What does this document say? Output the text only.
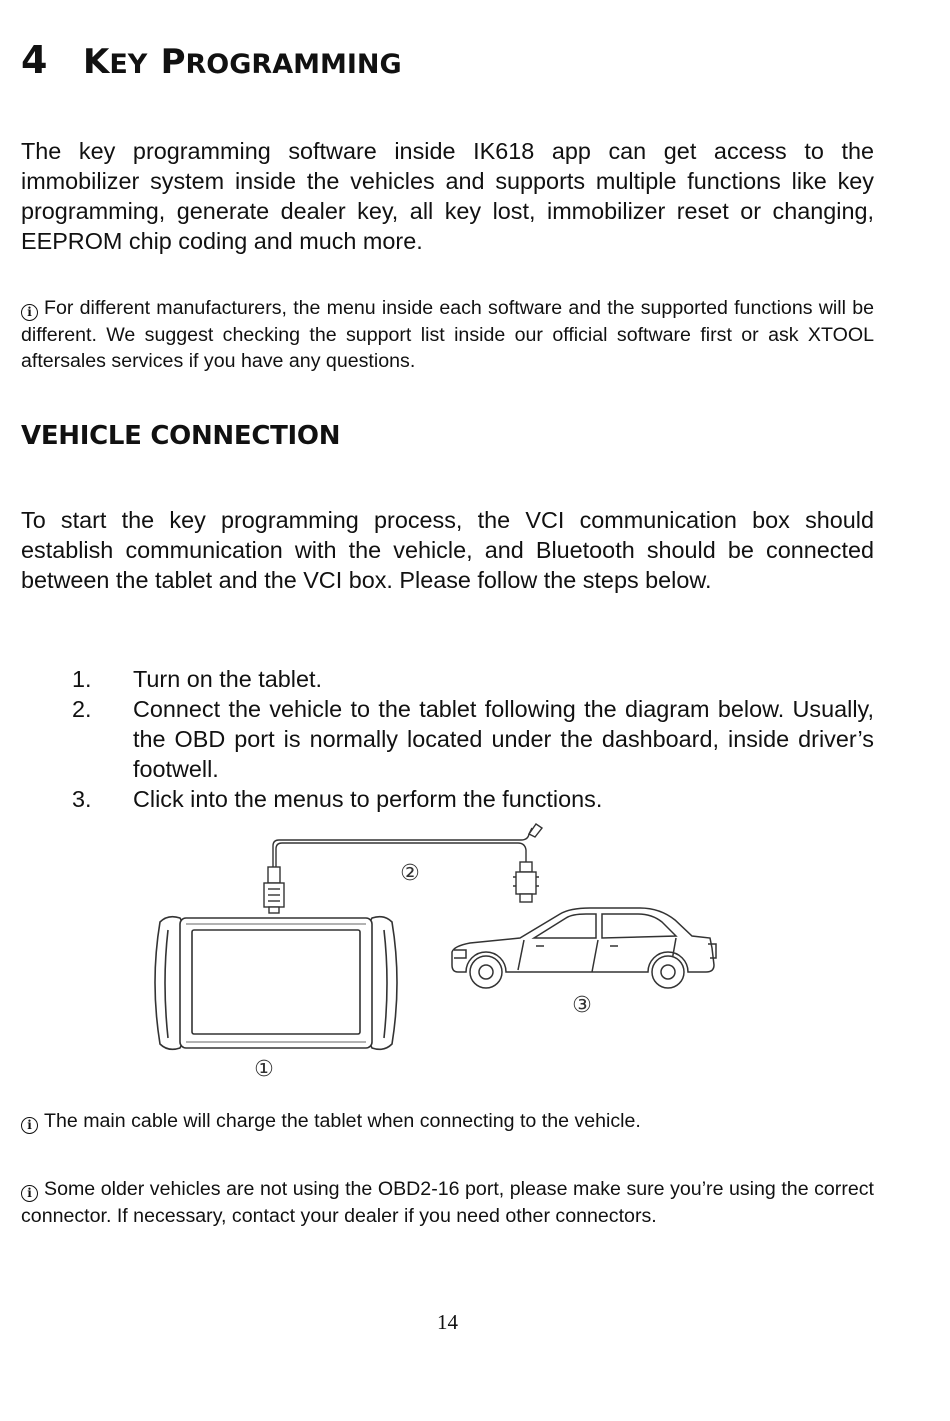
4 KEY PROGRAMMING

The key programming software inside IK618 app can get access to the immobilizer system inside the vehicles and supports multiple functions like key programming, generate dealer key, all key lost, immobilizer reset or changing, EEPROM chip coding and much more.

i For different manufacturers, the menu inside each software and the supported functions will be different. We suggest checking the support list inside our official software first or ask XTOOL aftersales services if you have any questions.

VEHICLE CONNECTION

To start the key programming process, the VCI communication box should establish communication with the vehicle, and Bluetooth should be connected between the tablet and the VCI box. Please follow the steps below.

1. Turn on the tablet.
2. Connect the vehicle to the tablet following the diagram below. Usually, the OBD port is normally located under the dashboard, inside driver’s footwell.
3. Click into the menus to perform the functions.
②
①
③

i The main cable will charge the tablet when connecting to the vehicle.

i Some older vehicles are not using the OBD2-16 port, please make sure you’re using the correct connector. If necessary, contact your dealer if you need other connectors.

14
